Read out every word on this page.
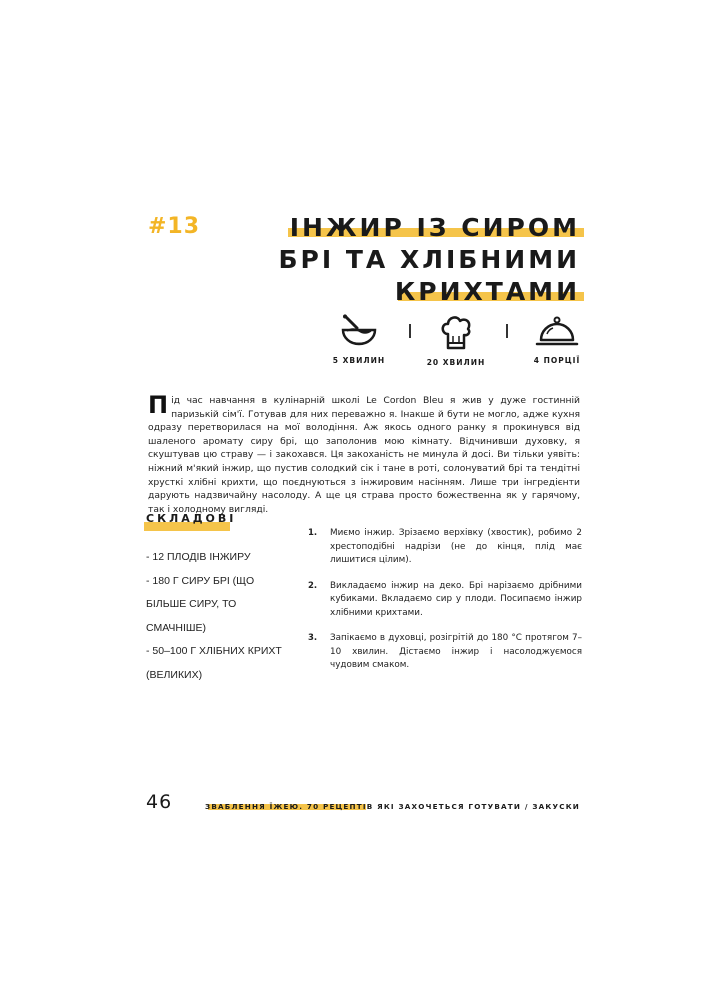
#13	ІНЖИР ІЗ СИРОМ
БРІ ТА ХЛІБНИМИ
КРИХТАМИ
5 ХВИЛИН	20 ХВИЛИН	4 ПОРЦІЇ
Під час навчання в кулінарній школі Le Cordon Bleu я жив у дуже гостинній паризькій сім'ї. Готував для них переважно я. Інакше й бути не могло, адже кухня одразу перетворилася на мої володіння. Аж якось одного ранку я прокинувся від шаленого аромату сиру брі, що заполонив мою кімнату. Відчинивши духовку, я скуштував цю страву — і закохався. Ця закоханість не минула й досі. Ви тільки уявіть: ніжний м'який інжир, що пустив солодкий сік і тане в роті, солонуватий брі та тендітні хрусткі хлібні крихти, що поєднуються з інжировим насінням. Лише три інгредієнти дарують надзвичайну насолоду. А ще ця страва просто божественна як у гарячому, так і холодному вигляді.
СКЛАДОВІ
- 12 ПЛОДІВ ІНЖИРУ
- 180 Г СИРУ БРІ (ЩО БІЛЬШЕ СИРУ, ТО СМАЧНІШЕ)
- 50–100 Г ХЛІБНИХ КРИХТ (ВЕЛИКИХ)
1.	Миємо інжир. Зрізаємо верхівку (хвостик), робимо 2 хрестоподібні надрізи (не до кінця, плід має лишитися цілим).
2.	Викладаємо інжир на деко. Брі нарізаємо дрібними кубиками. Вкладаємо сир у плоди. Посипаємо інжир хлібними крихтами.
3.	Запікаємо в духовці, розігрітій до 180 °C протягом 7–10 хвилин. Дістаємо інжир і насолоджуємося чудовим смаком.
46	ЗВАБЛЕННЯ ЇЖЕЮ. 70 РЕЦЕПТІВ ЯКІ ЗАХОЧЕТЬСЯ ГОТУВАТИ / ЗАКУСКИ
